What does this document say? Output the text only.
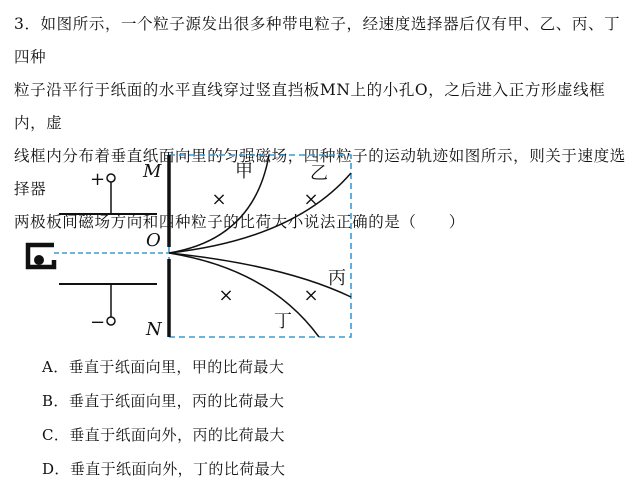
3．如图所示，一个粒子源发出很多种带电粒子，经速度选择器后仅有甲、乙、丙、丁四种

粒子沿平行于纸面的水平直线穿过竖直挡板MN上的小孔O，之后进入正方形虚线框内，虚

线框内分布着垂直纸面向里的匀强磁场，四种粒子的运动轨迹如图所示，则关于速度选择器

两极板间磁场方向和四种粒子的比荷大小说法正确的是（　　）

×	×
×	×
M
O
N
+
−
甲	乙
丙
丁
A．垂直于纸面向里，甲的比荷最大
B．垂直于纸面向里，丙的比荷最大
C．垂直于纸面向外，丙的比荷最大
D．垂直于纸面向外，丁的比荷最大
